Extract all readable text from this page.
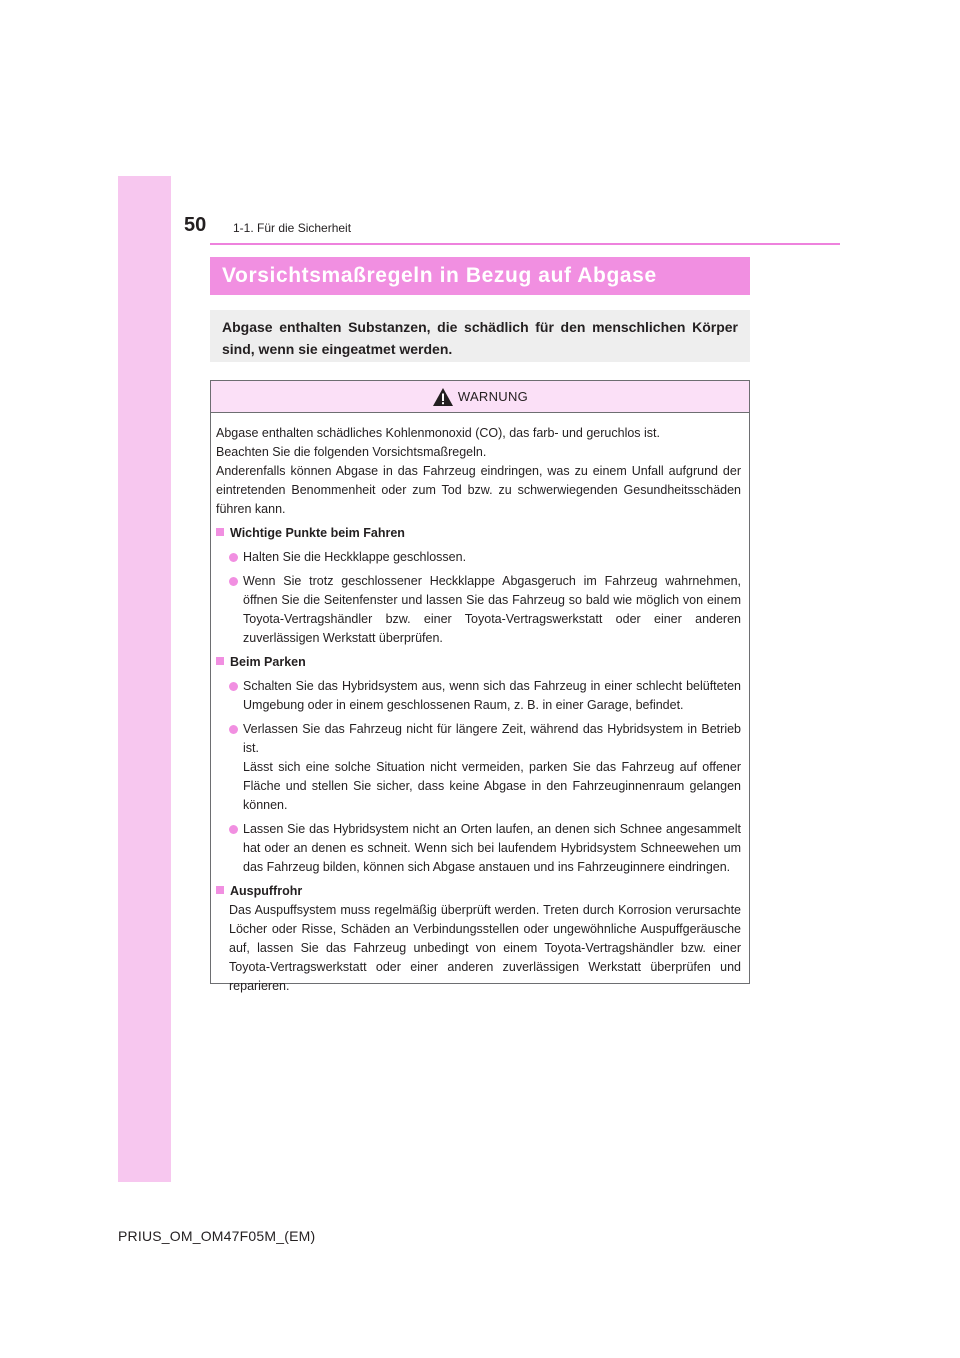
50 1-1. Für die Sicherheit
Vorsichtsmaßregeln in Bezug auf Abgase
Abgase enthalten Substanzen, die schädlich für den menschlichen Körper sind, wenn sie eingeatmet werden.
WARNUNG
Abgase enthalten schädliches Kohlenmonoxid (CO), das farb- und geruchlos ist.
Beachten Sie die folgenden Vorsichtsmaßregeln.
Anderenfalls können Abgase in das Fahrzeug eindringen, was zu einem Unfall aufgrund der eintretenden Benommenheit oder zum Tod bzw. zu schwerwiegenden Gesundheitsschäden führen kann.
Wichtige Punkte beim Fahren
Halten Sie die Heckklappe geschlossen.
Wenn Sie trotz geschlossener Heckklappe Abgasgeruch im Fahrzeug wahrnehmen, öffnen Sie die Seitenfenster und lassen Sie das Fahrzeug so bald wie möglich von einem Toyota-Vertragshändler bzw. einer Toyota-Vertragswerkstatt oder einer anderen zuverlässigen Werkstatt überprüfen.
Beim Parken
Schalten Sie das Hybridsystem aus, wenn sich das Fahrzeug in einer schlecht belüfteten Umgebung oder in einem geschlossenen Raum, z. B. in einer Garage, befindet.
Verlassen Sie das Fahrzeug nicht für längere Zeit, während das Hybridsystem in Betrieb ist.
Lässt sich eine solche Situation nicht vermeiden, parken Sie das Fahrzeug auf offener Fläche und stellen Sie sicher, dass keine Abgase in den Fahrzeuginnenraum gelangen können.
Lassen Sie das Hybridsystem nicht an Orten laufen, an denen sich Schnee angesammelt hat oder an denen es schneit. Wenn sich bei laufendem Hybridsystem Schneewehen um das Fahrzeug bilden, können sich Abgase anstauen und ins Fahrzeuginnere eindringen.
Auspuffrohr
Das Auspuffsystem muss regelmäßig überprüft werden. Treten durch Korrosion verursachte Löcher oder Risse, Schäden an Verbindungsstellen oder ungewöhnliche Auspuffgeräusche auf, lassen Sie das Fahrzeug unbedingt von einem Toyota-Vertragshändler bzw. einer Toyota-Vertragswerkstatt oder einer anderen zuverlässigen Werkstatt überprüfen und reparieren.
PRIUS_OM_OM47F05M_(EM)
